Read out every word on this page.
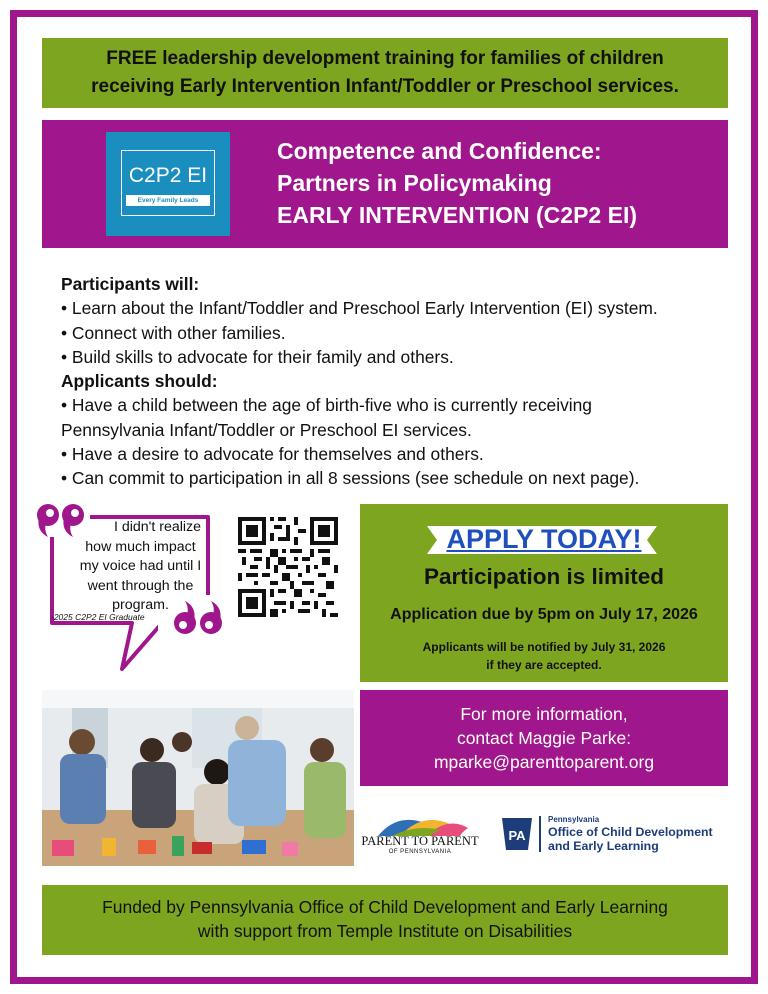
FREE leadership development training for families of children
receiving Early Intervention Infant/Toddler or Preschool services.
C2P2 EI
Every Family Leads
Competence and Confidence:
Partners in Policymaking
EARLY INTERVENTION (C2P2 EI)
Participants will:
• Learn about the Infant/Toddler and Preschool Early Intervention (EI) system.
• Connect with other families.
• Build skills to advocate for their family and others.
Applicants should:
• Have a child between the age of birth-five who is currently receiving
Pennsylvania Infant/Toddler or Preschool EI services.
• Have a desire to advocate for themselves and others.
• Can commit to participation in all 8 sessions (see schedule on next page).
I didn't realize
how much impact
my voice had until I
went through the
program.
-2025 C2P2 EI Graduate
APPLY TODAY!
Participation is limited
Application due by 5pm on July 17, 2026
Applicants will be notified by July 31, 2026
if they are accepted.
For more information,
contact Maggie Parke:
mparke@parenttoparent.org
PARENT TO PARENT
OF PENNSYLVANIA
PA
Pennsylvania
Office of Child Development
and Early Learning
Funded by Pennsylvania Office of Child Development and Early Learning
with support from Temple Institute on Disabilities
